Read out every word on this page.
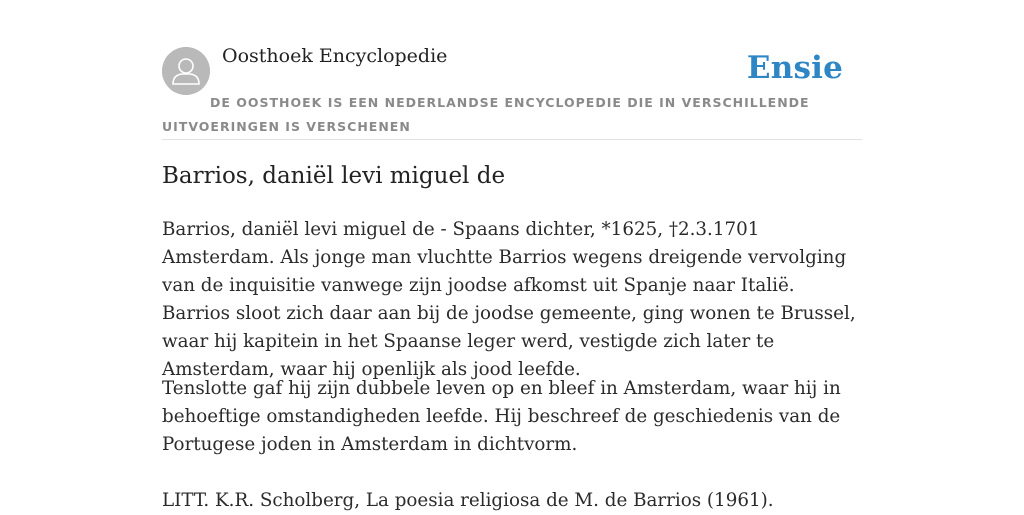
Oosthoek Encyclopedie	Ensie
DE OOSTHOEK IS EEN NEDERLANDSE ENCYCLOPEDIE DIE IN VERSCHILLENDE UITVOERINGEN IS VERSCHENEN
Barrios, daniël levi miguel de

Barrios, daniël levi miguel de - Spaans dichter, *1625, †2.3.1701 Amsterdam. Als jonge man vluchtte Barrios wegens dreigende vervolging van de inquisitie vanwege zijn joodse afkomst uit Spanje naar Italië. Barrios sloot zich daar aan bij de joodse gemeente, ging wonen te Brussel, waar hij kapitein in het Spaanse leger werd, vestigde zich later te Amsterdam, waar hij openlijk als jood leefde.

Tenslotte gaf hij zijn dubbele leven op en bleef in Amsterdam, waar hij in behoeftige omstandigheden leefde. Hij beschreef de geschiedenis van de Portugese joden in Amsterdam in dichtvorm.

LITT. K.R. Scholberg, La poesia religiosa de M. de Barrios (1961).
